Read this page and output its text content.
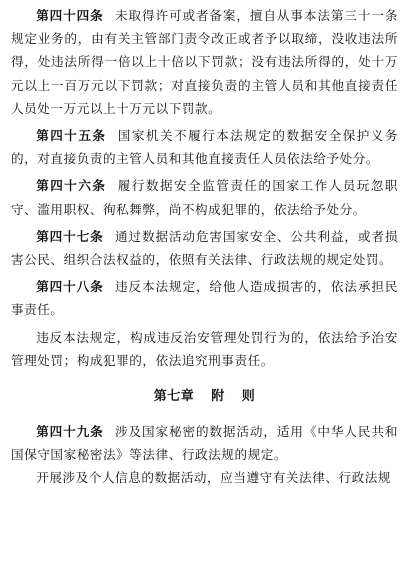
第四十四条 未取得许可或者备案，擅自从事本法第三十一条规定业务的，由有关主管部门责令改正或者予以取缔，没收违法所得，处违法所得一倍以上十倍以下罚款；没有违法所得的，处十万元以上一百万元以下罚款；对直接负责的主管人员和其他直接责任人员处一万元以上十万元以下罚款。

第四十五条 国家机关不履行本法规定的数据安全保护义务的，对直接负责的主管人员和其他直接责任人员依法给予处分。

第四十六条 履行数据安全监管责任的国家工作人员玩忽职守、滥用职权、徇私舞弊，尚不构成犯罪的，依法给予处分。

第四十七条 通过数据活动危害国家安全、公共利益，或者损害公民、组织合法权益的，依照有关法律、行政法规的规定处罚。

第四十八条 违反本法规定，给他人造成损害的，依法承担民事责任。

违反本法规定，构成违反治安管理处罚行为的，依法给予治安管理处罚；构成犯罪的，依法追究刑事责任。

第七章 附 则

第四十九条 涉及国家秘密的数据活动，适用《中华人民共和国保守国家秘密法》等法律、行政法规的规定。

开展涉及个人信息的数据活动，应当遵守有关法律、行政法规
